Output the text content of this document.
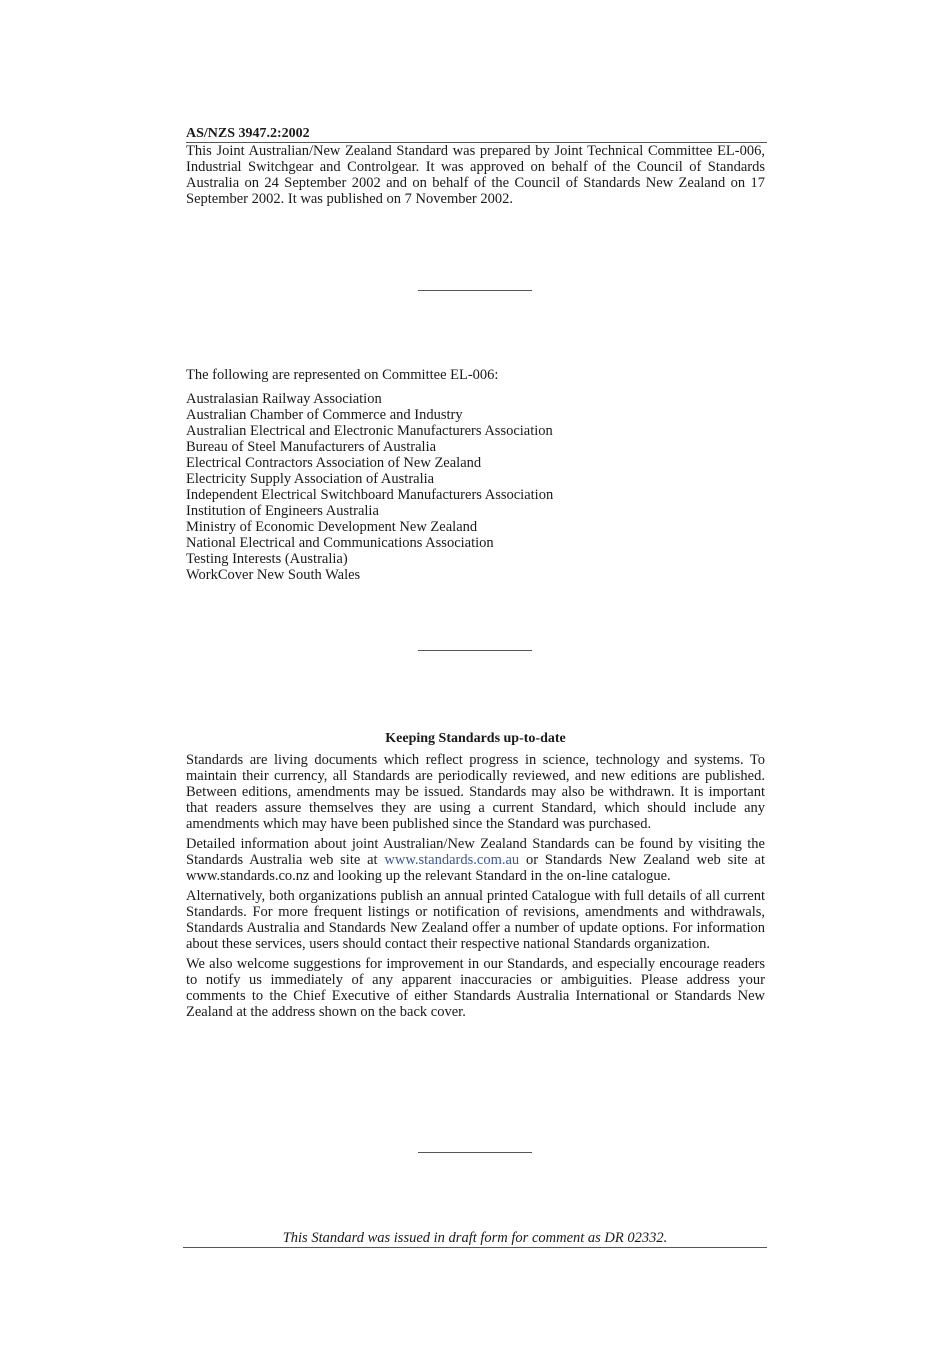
AS/NZS 3947.2:2002

This Joint Australian/New Zealand Standard was prepared by Joint Technical Committee EL-006, Industrial Switchgear and Controlgear. It was approved on behalf of the Council of Standards Australia on 24 September 2002 and on behalf of the Council of Standards New Zealand on 17 September 2002. It was published on 7 November 2002.

The following are represented on Committee EL-006:

Australasian Railway Association
Australian Chamber of Commerce and Industry
Australian Electrical and Electronic Manufacturers Association
Bureau of Steel Manufacturers of Australia
Electrical Contractors Association of New Zealand
Electricity Supply Association of Australia
Independent Electrical Switchboard Manufacturers Association
Institution of Engineers Australia
Ministry of Economic Development New Zealand
National Electrical and Communications Association
Testing Interests (Australia)
WorkCover New South Wales
Keeping Standards up-to-date

Standards are living documents which reflect progress in science, technology and systems. To maintain their currency, all Standards are periodically reviewed, and new editions are published. Between editions, amendments may be issued. Standards may also be withdrawn. It is important that readers assure themselves they are using a current Standard, which should include any amendments which may have been published since the Standard was purchased.

Detailed information about joint Australian/New Zealand Standards can be found by visiting the Standards Australia web site at www.standards.com.au or Standards New Zealand web site at www.standards.co.nz and looking up the relevant Standard in the on-line catalogue.

Alternatively, both organizations publish an annual printed Catalogue with full details of all current Standards. For more frequent listings or notification of revisions, amendments and withdrawals, Standards Australia and Standards New Zealand offer a number of update options. For information about these services, users should contact their respective national Standards organization.

We also welcome suggestions for improvement in our Standards, and especially encourage readers to notify us immediately of any apparent inaccuracies or ambiguities. Please address your comments to the Chief Executive of either Standards Australia International or Standards New Zealand at the address shown on the back cover.

This Standard was issued in draft form for comment as DR 02332.
